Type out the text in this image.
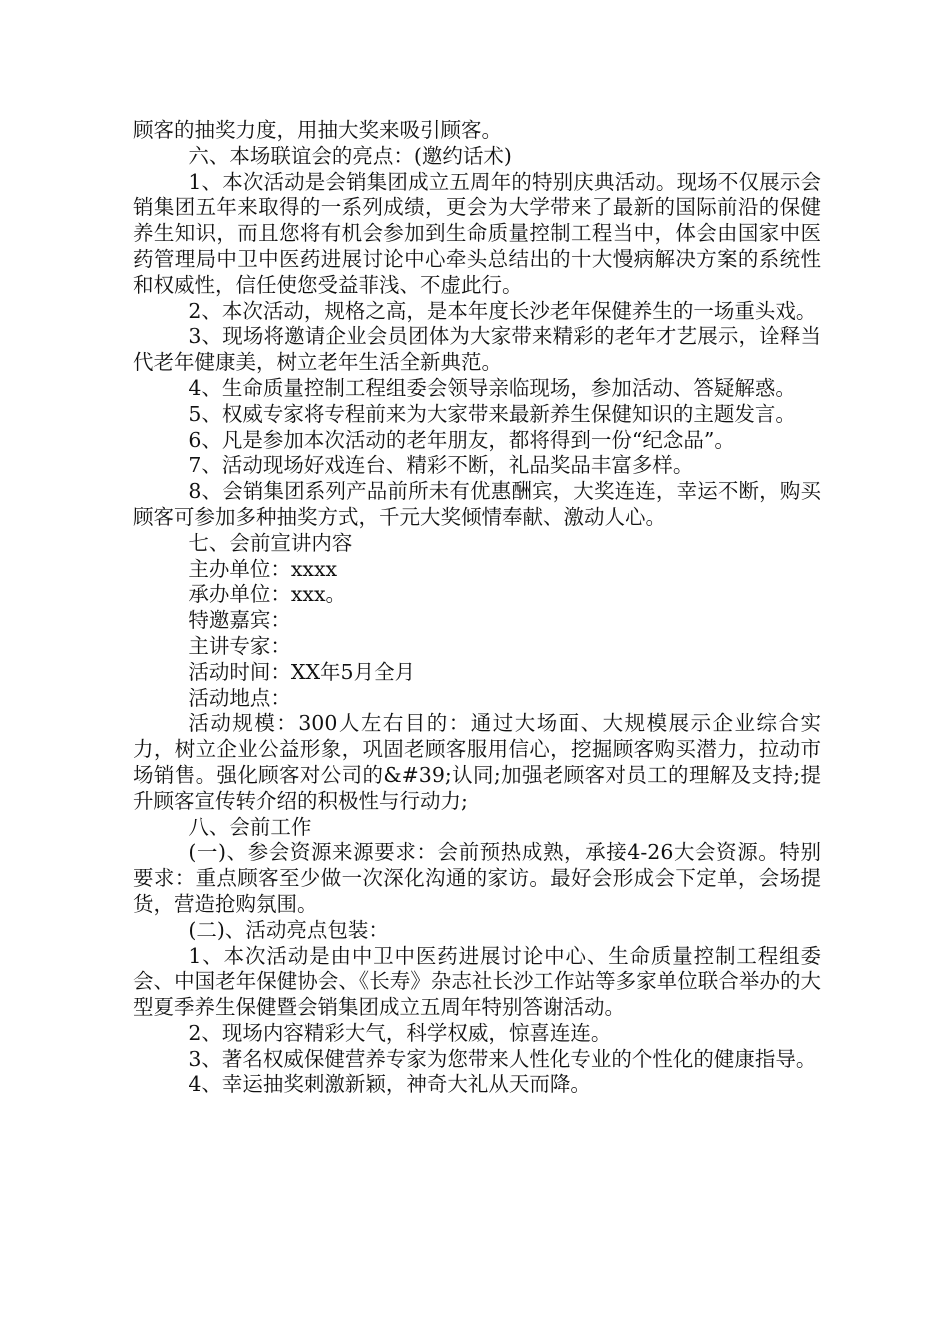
顾客的抽奖力度，用抽大奖来吸引顾客。

六、本场联谊会的亮点：(邀约话术)

1、本次活动是会销集团成立五周年的特别庆典活动。现场不仅展示会销集团五年来取得的一系列成绩，更会为大学带来了最新的国际前沿的保健养生知识，而且您将有机会参加到生命质量控制工程当中，体会由国家中医药管理局中卫中医药进展讨论中心牵头总结出的十大慢病解决方案的系统性和权威性，信任使您受益菲浅、不虚此行。

2、本次活动，规格之高，是本年度长沙老年保健养生的一场重头戏。

3、现场将邀请企业会员团体为大家带来精彩的老年才艺展示，诠释当代老年健康美，树立老年生活全新典范。

4、生命质量控制工程组委会领导亲临现场，参加活动、答疑解惑。

5、权威专家将专程前来为大家带来最新养生保健知识的主题发言。

6、凡是参加本次活动的老年朋友，都将得到一份“纪念品”。

7、活动现场好戏连台、精彩不断，礼品奖品丰富多样。

8、会销集团系列产品前所未有优惠酬宾，大奖连连，幸运不断，购买顾客可参加多种抽奖方式，千元大奖倾情奉献、激动人心。

七、会前宣讲内容

主办单位：xxxx

承办单位：xxx。

特邀嘉宾：

主讲专家：

活动时间：XX年5月全月

活动地点：

活动规模：300人左右目的：通过大场面、大规模展示企业综合实力，树立企业公益形象，巩固老顾客服用信心，挖掘顾客购买潜力，拉动市场销售。强化顾客对公司的&#39;认同;加强老顾客对员工的理解及支持;提升顾客宣传转介绍的积极性与行动力;

八、会前工作

(一)、参会资源来源要求：会前预热成熟，承接4-26大会资源。特别要求：重点顾客至少做一次深化沟通的家访。最好会形成会下定单，会场提货，营造抢购氛围。

(二)、活动亮点包装：

1、本次活动是由中卫中医药进展讨论中心、生命质量控制工程组委会、中国老年保健协会、《长寿》杂志社长沙工作站等多家单位联合举办的大型夏季养生保健暨会销集团成立五周年特别答谢活动。

2、现场内容精彩大气，科学权威，惊喜连连。

3、著名权威保健营养专家为您带来人性化专业的个性化的健康指导。

4、幸运抽奖刺激新颖，神奇大礼从天而降。
